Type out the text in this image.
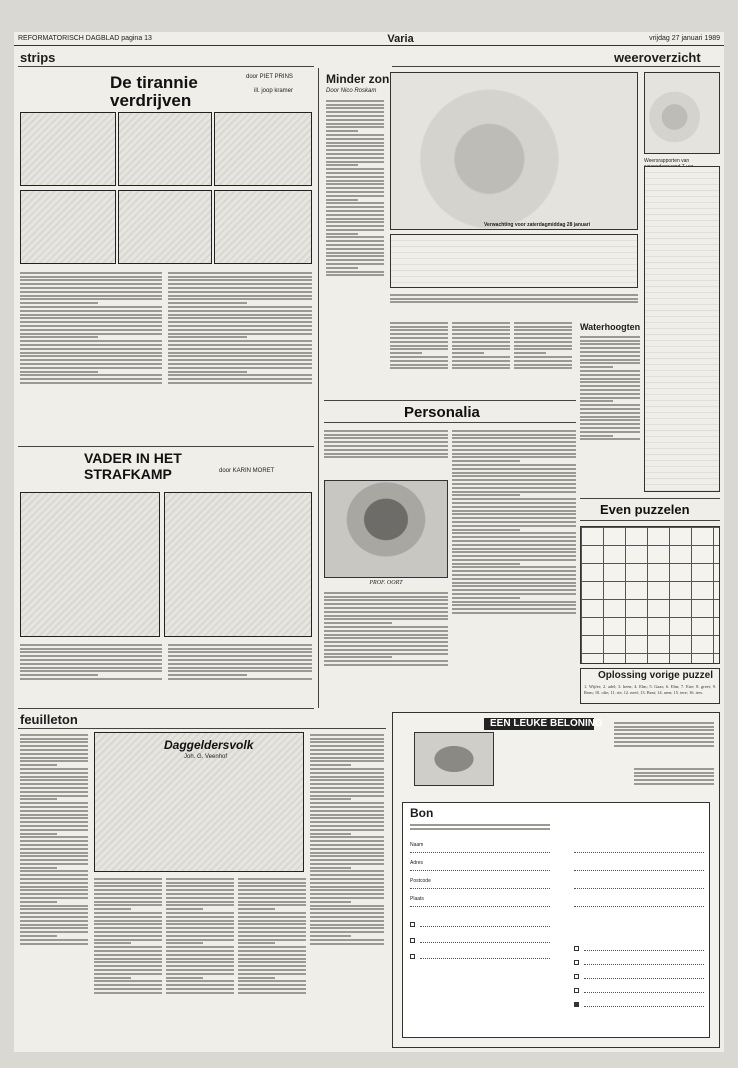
REFORMATORISCH DAGBLAD pagina 13	Varia	vrijdag 27 januari 1989
strips
De tirannie verdrijven
door PIET PRINS
ill. joop kramer
VADER IN HET STRAFKAMP	door KARIN MORET
feuilleton
Daggeldersvolk
Joh. G. Veenhof
Minder zon
Door Nico Roskam
weeroverzicht
Verwachting voor zaterdagmiddag 28 januari
Weersrapporten van
Waterhoogten
Personalia
PROF. OORT
Even puzzelen
Oplossing vorige puzzel
1. Wijfer; 2. adel; 3. heen; 4. Elm; 5. Gaas; 6. Elm; 7. Eire; 8. greet; 9. Rom; 10. olie; 11. rie; 12. neef; 13. Beat; 14. aren; 15. tere; 16. tres.
EEN LEUKE BELONING
Bon
Naam
Adres
Postcode
Plaats
